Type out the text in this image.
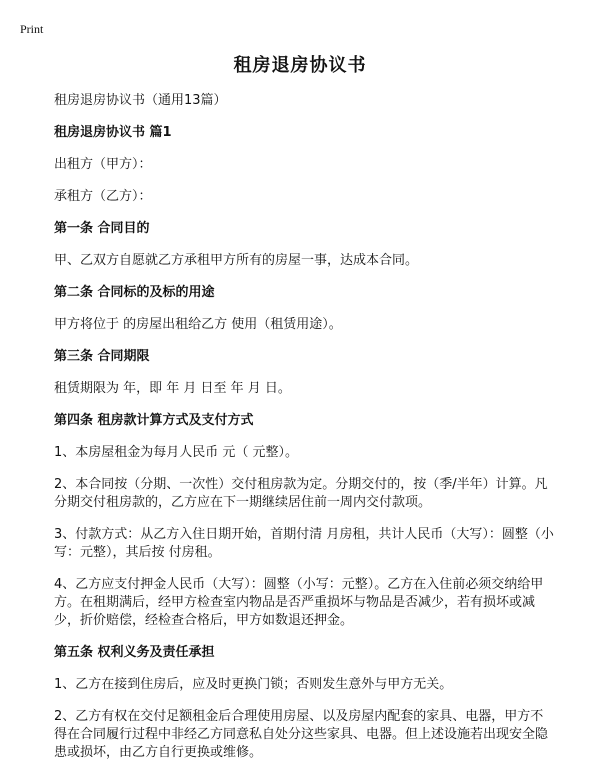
Print
租房退房协议书
租房退房协议书（通用13篇）
租房退房协议书 篇1
出租方（甲方）：
承租方（乙方）：
第一条 合同目的
甲、乙双方自愿就乙方承租甲方所有的房屋一事，达成本合同。
第二条 合同标的及标的用途
甲方将位于 的房屋出租给乙方 使用（租赁用途）。
第三条 合同期限
租赁期限为 年，即 年 月 日至 年 月 日。
第四条 租房款计算方式及支付方式
1、本房屋租金为每月人民币 元（ 元整）。
2、本合同按（分期、一次性）交付租房款为定。分期交付的，按（季/半年）计算。凡分期交付租房款的，乙方应在下一期继续居住前一周内交付款项。
3、付款方式：从乙方入住日期开始，首期付清 月房租，共计人民币（大写）：圆整（小写：元整），其后按 付房租。
4、乙方应支付押金人民币（大写）：圆整（小写：元整）。乙方在入住前必须交纳给甲方。在租期满后，经甲方检查室内物品是否严重损坏与物品是否减少，若有损坏或减少，折价赔偿，经检查合格后，甲方如数退还押金。
第五条 权利义务及责任承担
1、乙方在接到住房后，应及时更换门锁；否则发生意外与甲方无关。
2、乙方有权在交付足额租金后合理使用房屋、以及房屋内配套的家具、电器，甲方不得在合同履行过程中非经乙方同意私自处分这些家具、电器。但上述设施若出现安全隐患或损坏，由乙方自行更换或维修。
